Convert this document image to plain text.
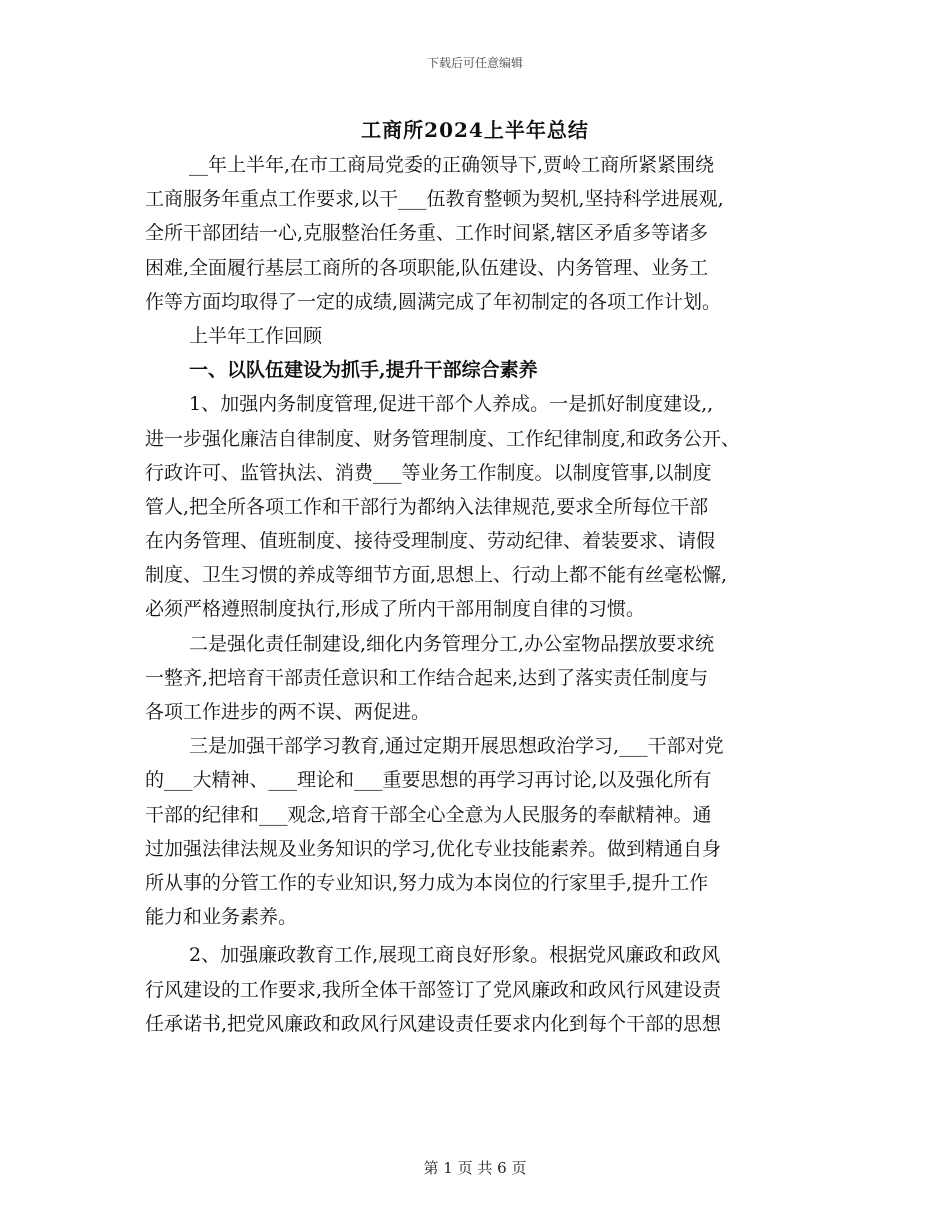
下载后可任意编辑
工商所2024上半年总结
__年上半年,在市工商局党委的正确领导下,贾岭工商所紧紧围绕
工商服务年重点工作要求,以干___伍教育整顿为契机,坚持科学进展观,
全所干部团结一心,克服整治任务重、工作时间紧,辖区矛盾多等诸多
困难,全面履行基层工商所的各项职能,队伍建设、内务管理、业务工
作等方面均取得了一定的成绩,圆满完成了年初制定的各项工作计划。
上半年工作回顾
一、以队伍建设为抓手,提升干部综合素养
1、加强内务制度管理,促进干部个人养成。一是抓好制度建设,,
进一步强化廉洁自律制度、财务管理制度、工作纪律制度,和政务公开、
行政许可、监管执法、消费___等业务工作制度。以制度管事,以制度
管人,把全所各项工作和干部行为都纳入法律规范,要求全所每位干部
在内务管理、值班制度、接待受理制度、劳动纪律、着装要求、请假
制度、卫生习惯的养成等细节方面,思想上、行动上都不能有丝毫松懈,
必须严格遵照制度执行,形成了所内干部用制度自律的习惯。
二是强化责任制建设,细化内务管理分工,办公室物品摆放要求统
一整齐,把培育干部责任意识和工作结合起来,达到了落实责任制度与
各项工作进步的两不误、两促进。
三是加强干部学习教育,通过定期开展思想政治学习,___干部对党
的___大精神、___理论和___重要思想的再学习再讨论,以及强化所有
干部的纪律和___观念,培育干部全心全意为人民服务的奉献精神。通
过加强法律法规及业务知识的学习,优化专业技能素养。做到精通自身
所从事的分管工作的专业知识,努力成为本岗位的行家里手,提升工作
能力和业务素养。
2、加强廉政教育工作,展现工商良好形象。根据党风廉政和政风
行风建设的工作要求,我所全体干部签订了党风廉政和政风行风建设责
任承诺书,把党风廉政和政风行风建设责任要求内化到每个干部的思想
第 1 页 共 6 页
